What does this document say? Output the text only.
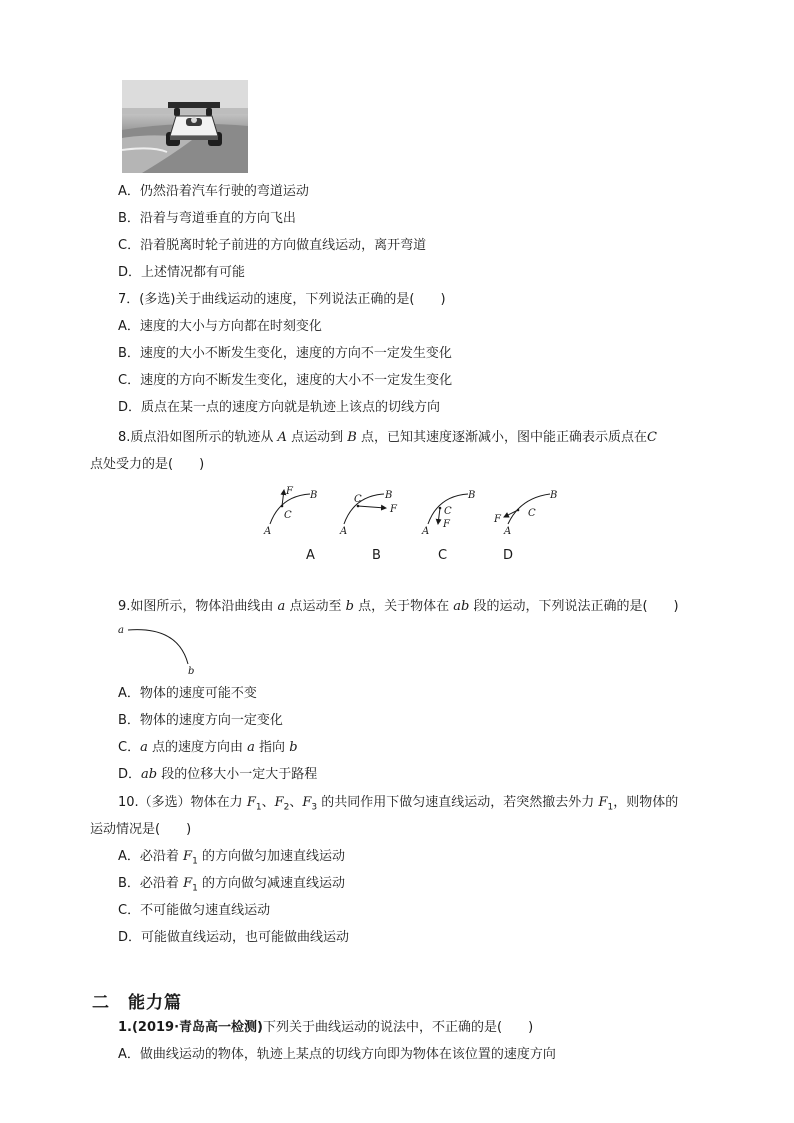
A．仍然沿着汽车行驶的弯道运动
B．沿着与弯道垂直的方向飞出
C．沿着脱离时轮子前进的方向做直线运动，离开弯道
D．上述情况都有可能
7．(多选)关于曲线运动的速度，下列说法正确的是(　　)
A．速度的大小与方向都在时刻变化
B．速度的大小不断发生变化，速度的方向不一定发生变化
C．速度的方向不断发生变化，速度的大小不一定发生变化
D．质点在某一点的速度方向就是轨迹上该点的切线方向
8.质点沿如图所示的轨迹从 A 点运动到 B 点，已知其速度逐渐减小，图中能正确表示质点在C
点处受力的是(　　)
F B
C
A
F
B
C
A
F
B
C
A
F
B
C
A
A	B	C	D
9.如图所示，物体沿曲线由 a 点运动至 b 点，关于物体在 ab 段的运动，下列说法正确的是(　　)
a
b
A．物体的速度可能不变
B．物体的速度方向一定变化
C．a 点的速度方向由 a 指向 b
D．ab 段的位移大小一定大于路程
10.（多选）物体在力 $F_1$、$F_2$、$F_3$ 的共同作用下做匀速直线运动，若突然撤去外力 $F_1$，则物体的
运动情况是(　　)
A．必沿着 $F_1$ 的方向做匀加速直线运动
B．必沿着 $F_1$ 的方向做匀减速直线运动
C．不可能做匀速直线运动
D．可能做直线运动，也可能做曲线运动
二　能力篇
1.(2019·青岛高一检测)下列关于曲线运动的说法中，不正确的是(　　)
A．做曲线运动的物体，轨迹上某点的切线方向即为物体在该位置的速度方向
